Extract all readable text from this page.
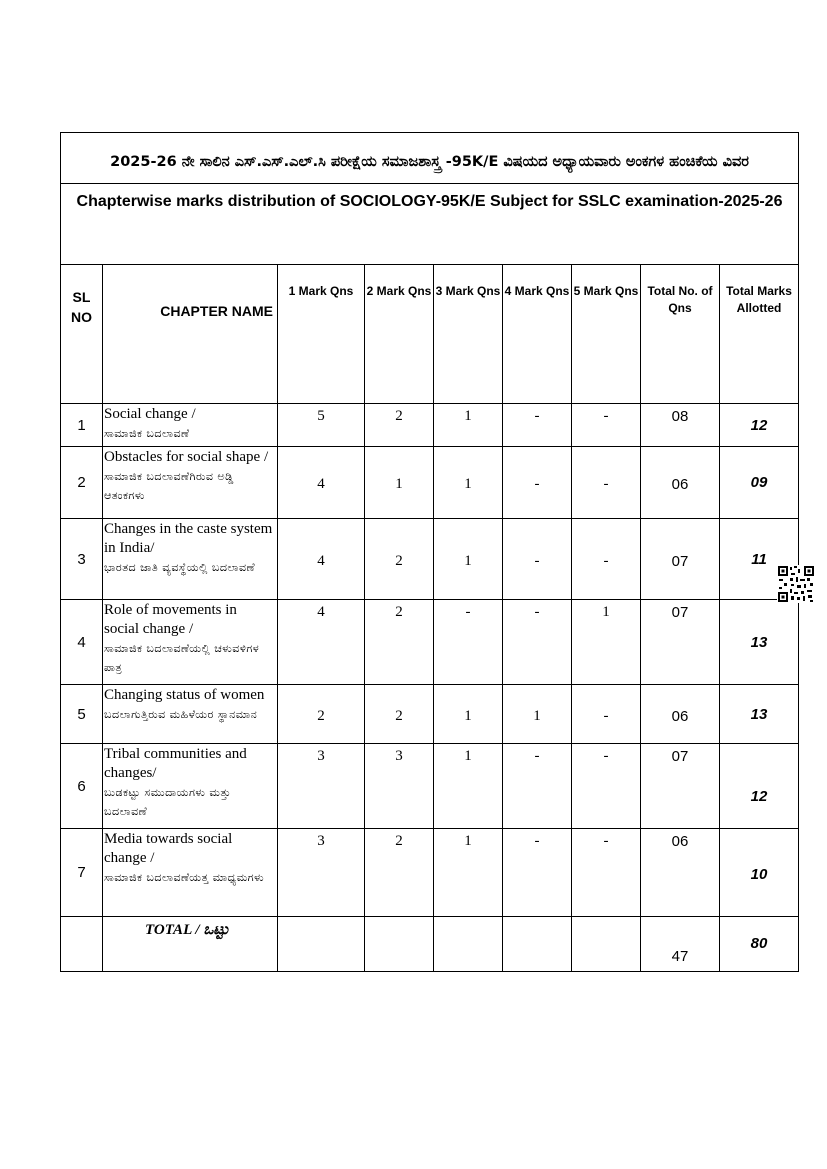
2025-26 ನೇ ಸಾಲಿನ ಎಸ್.ಎಸ್.ಎಲ್.ಸಿ ಪರೀಕ್ಷೆಯ ಸಮಾಜಶಾಸ್ತ್ರ -95K/E ವಿಷಯದ ಅಧ್ಯಾಯವಾರು ಅಂಕಗಳ ಹಂಚಿಕೆಯ ವಿವರ								
Chapterwise marks distribution of SOCIOLOGY-95K/E Subject for SSLC examination-2025-26								
SL NO	CHAPTER NAME	1 Mark Qns	2 Mark Qns	3 Mark Qns	4 Mark Qns	5 Mark Qns	Total No. of Qns	Total Marks Allotted
1	Social change /
ಸಾಮಾಜಿಕ ಬದಲಾವಣೆ	5	2	1	-	-	08	12
2	Obstacles for social shape /
ಸಾಮಾಜಿಕ ಬದಲಾವಣೆಗಿರುವ ಅಡ್ಡಿ ಆತಂಕಗಳು	4	1	1	-	-	06	09
3	Changes in the caste system in India/
ಭಾರತದ ಜಾತಿ ವ್ಯವಸ್ಥೆಯಲ್ಲಿ ಬದಲಾವಣೆ	4	2	1	-	-	07	11
4	Role of movements in social change /
ಸಾಮಾಜಿಕ ಬದಲಾವಣೆಯಲ್ಲಿ ಚಳುವಳಿಗಳ ಪಾತ್ರ	4	2	-	-	1	07	13
5	Changing status of women
ಬದಲಾಗುತ್ತಿರುವ ಮಹಿಳೆಯರ ಸ್ಥಾನಮಾನ	2	2	1	1	-	06	13
6	Tribal communities and changes/
ಬುಡಕಟ್ಟು ಸಮುದಾಯಗಳು ಮತ್ತು ಬದಲಾವಣೆ	3	3	1	-	-	07	12
7	Media towards social change /
ಸಾಮಾಜಿಕ ಬದಲಾವಣೆಯತ್ತ ಮಾಧ್ಯಮಗಳು	3	2	1	-	-	06	10
	TOTAL / ಒಟ್ಟು						47	80
